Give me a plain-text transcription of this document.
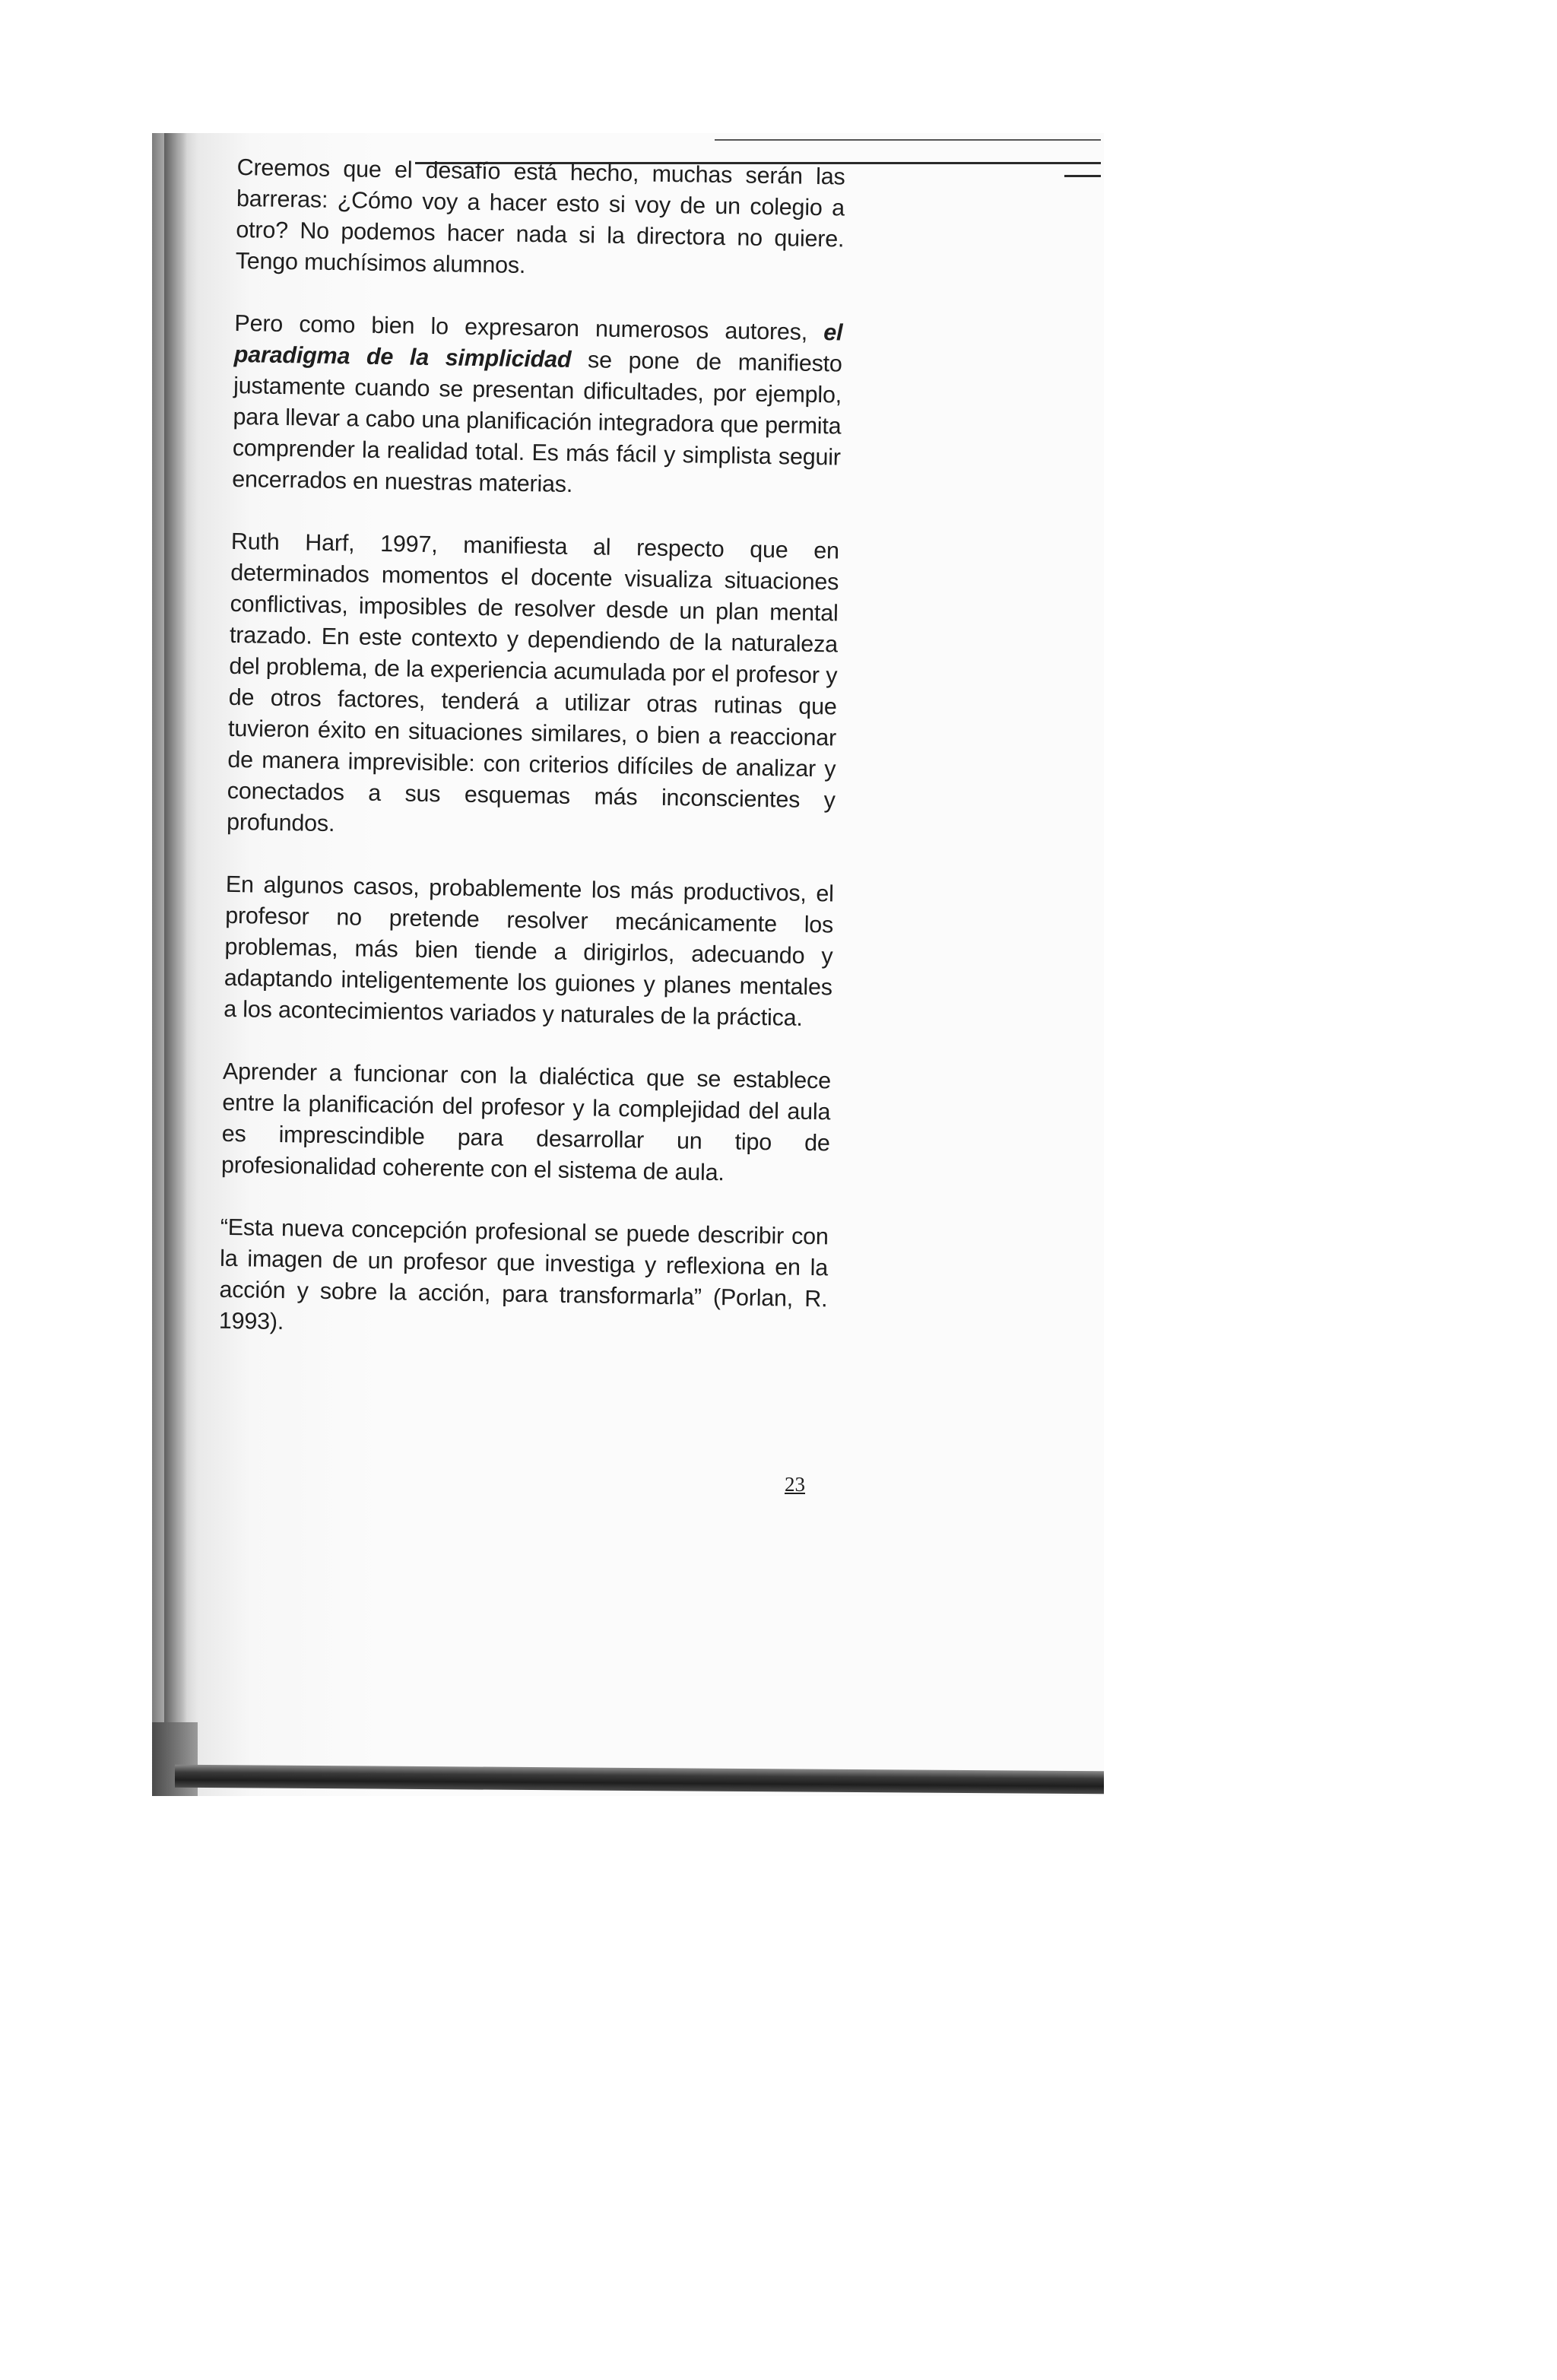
Creemos que el desafío está hecho, muchas serán las barreras: ¿Cómo voy a hacer esto si voy de un colegio a otro? No podemos hacer nada si la directora no quiere. Tengo muchísimos alumnos.

Pero como bien lo expresaron numerosos autores, el paradigma de la simplicidad se pone de manifiesto justamente cuando se presentan dificultades, por ejemplo, para llevar a cabo una planificación integradora que permita comprender la realidad total. Es más fácil y simplista seguir encerrados en nuestras materias.

Ruth Harf, 1997, manifiesta al respecto que en determinados momentos el docente visualiza situaciones conflictivas, imposibles de resolver desde un plan mental trazado. En este contexto y dependiendo de la naturaleza del problema, de la experiencia acumulada por el profesor y de otros factores, tenderá a utilizar otras rutinas que tuvieron éxito en situaciones similares, o bien a reaccionar de manera imprevisible: con criterios difíciles de analizar y conectados a sus esquemas más inconscientes y profundos.

En algunos casos, probablemente los más productivos, el profesor no pretende resolver mecánicamente los problemas, más bien tiende a dirigirlos, adecuando y adaptando inteligentemente los guiones y planes mentales a los acontecimientos variados y naturales de la práctica.

Aprender a funcionar con la dialéctica que se establece entre la planificación del profesor y la complejidad del aula es imprescindible para desarrollar un tipo de profesionalidad coherente con el sistema de aula.

“Esta nueva concepción profesional se puede describir con la imagen de un profesor que investiga y reflexiona en la acción y sobre la acción, para transformarla” (Porlan, R. 1993).

23
